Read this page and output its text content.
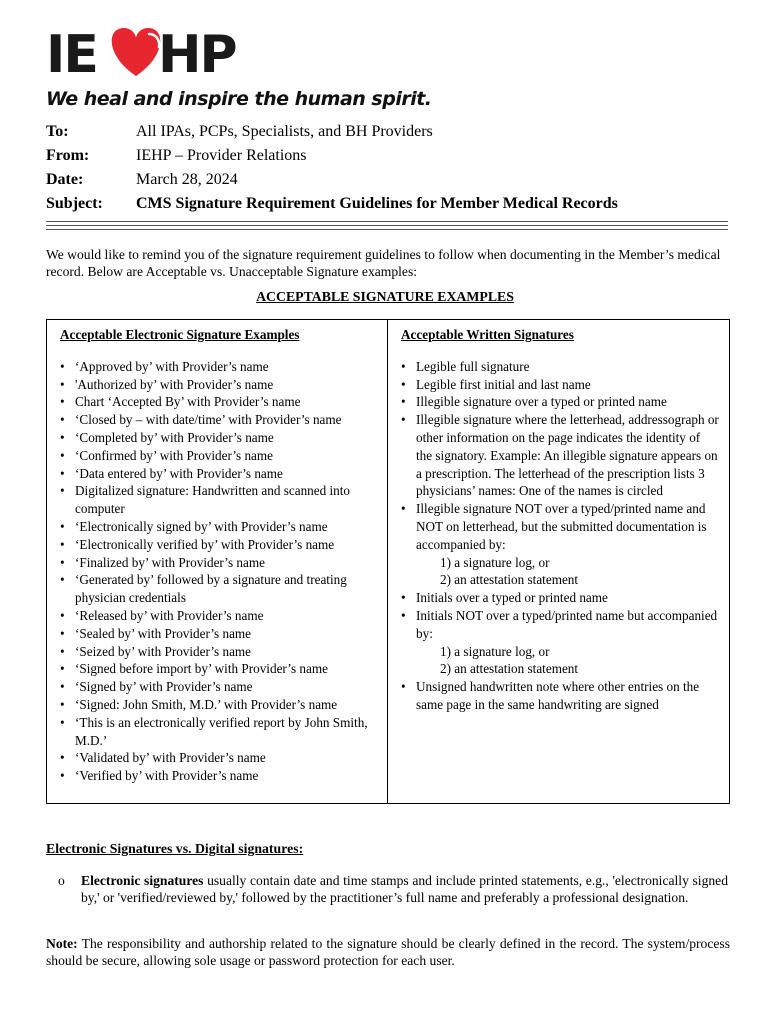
IE HP
We heal and inspire the human spirit.
To:	All IPAs, PCPs, Specialists, and BH Providers
From:	IEHP – Provider Relations
Date:	March 28, 2024
Subject:	CMS Signature Requirement Guidelines for Member Medical Records
We would like to remind you of the signature requirement guidelines to follow when documenting in the Member’s medical record. Below are Acceptable vs. Unacceptable Signature examples:
ACCEPTABLE SIGNATURE EXAMPLES
Acceptable Electronic Signature Examples
• ‘Approved by’ with Provider’s name
• 'Authorized by’ with Provider’s name
• Chart ‘Accepted By’ with Provider’s name
• ‘Closed by – with date/time’ with Provider’s name
• ‘Completed by’ with Provider’s name
• ‘Confirmed by’ with Provider’s name
• ‘Data entered by’ with Provider’s name
• Digitalized signature: Handwritten and scanned into computer
• ‘Electronically signed by’ with Provider’s name
• ‘Electronically verified by’ with Provider’s name
• ‘Finalized by’ with Provider’s name
• ‘Generated by’ followed by a signature and treating physician credentials
• ‘Released by’ with Provider’s name
• ‘Sealed by’ with Provider’s name
• ‘Seized by’ with Provider’s name
• ‘Signed before import by’ with Provider’s name
• ‘Signed by’ with Provider’s name
• ‘Signed: John Smith, M.D.’ with Provider’s name
• ‘This is an electronically verified report by John Smith, M.D.’
• ‘Validated by’ with Provider’s name
• ‘Verified by’ with Provider’s name
Acceptable Written Signatures
• Legible full signature
• Legible first initial and last name
• Illegible signature over a typed or printed name
• Illegible signature where the letterhead, addressograph or other information on the page indicates the identity of the signatory. Example: An illegible signature appears on a prescription. The letterhead of the prescription lists 3 physicians’ names: One of the names is circled
• Illegible signature NOT over a typed/printed name and NOT on letterhead, but the submitted documentation is accompanied by:
1) a signature log, or
2) an attestation statement
• Initials over a typed or printed name
• Initials NOT over a typed/printed name but accompanied by:
1) a signature log, or
2) an attestation statement
• Unsigned handwritten note where other entries on the same page in the same handwriting are signed
Electronic Signatures vs. Digital signatures:
o	Electronic signatures usually contain date and time stamps and include printed statements, e.g., 'electronically signed by,' or 'verified/reviewed by,' followed by the practitioner’s full name and preferably a professional designation.
Note: The responsibility and authorship related to the signature should be clearly defined in the record. The system/process should be secure, allowing sole usage or password protection for each user.
